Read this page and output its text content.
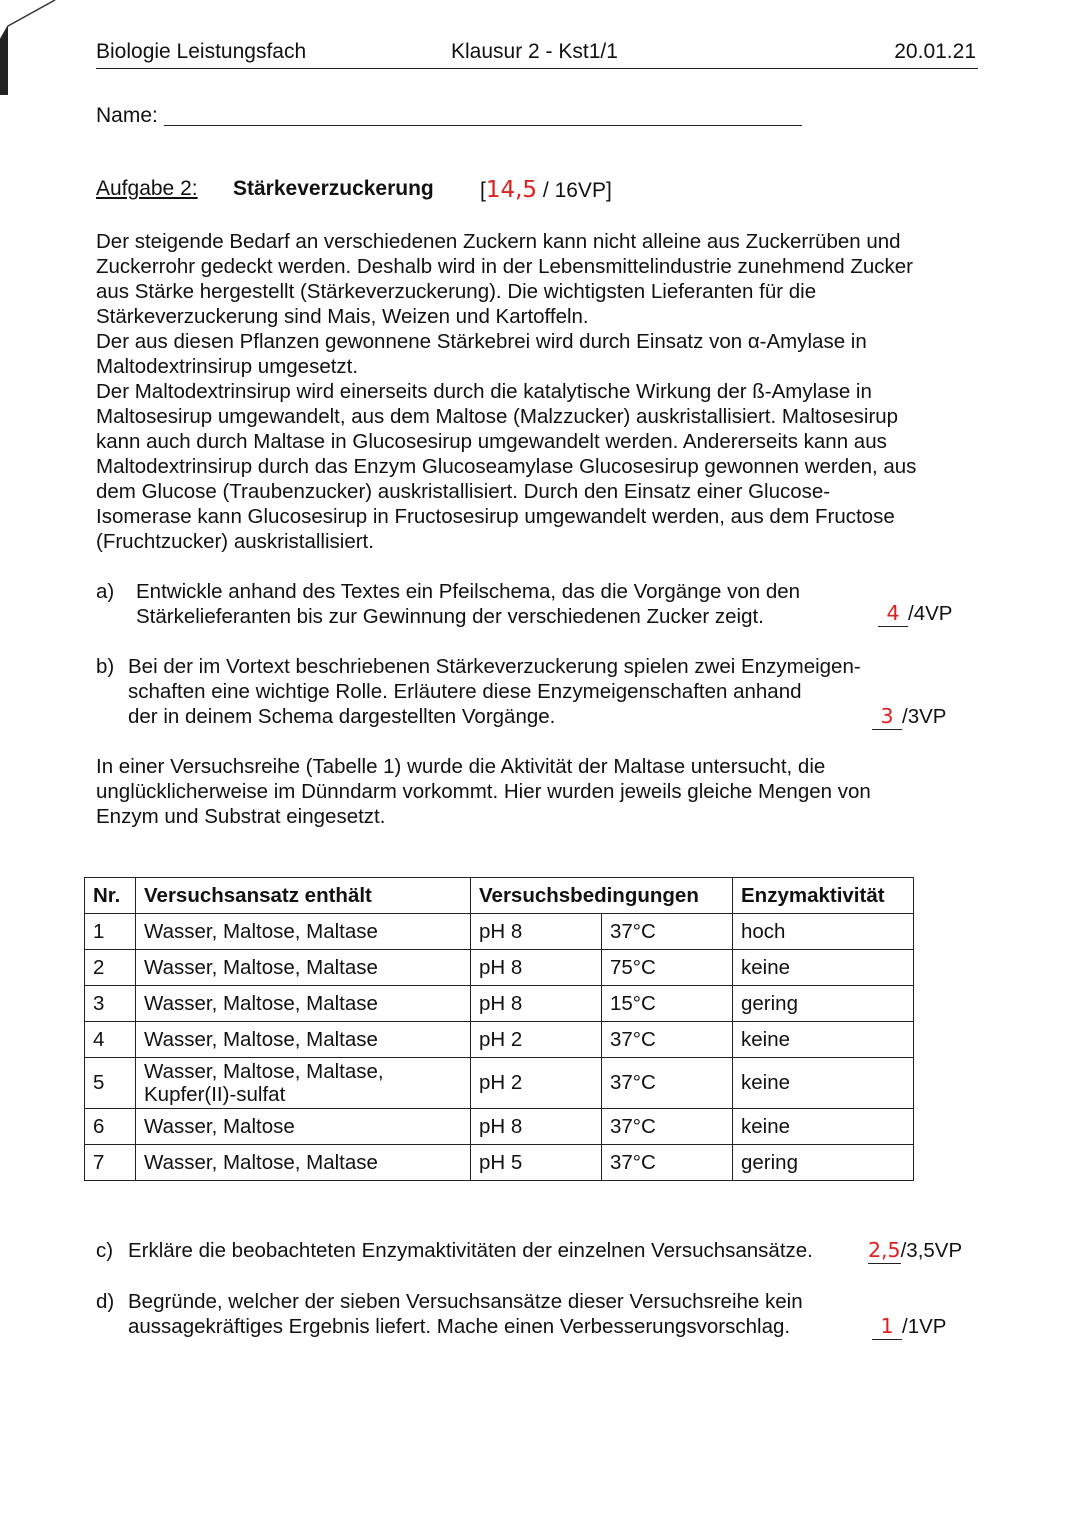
Biologie Leistungsfach	Klausur 2 - Kst1/1	20.01.21
Name:
Aufgabe 2: Stärkeverzuckerung [14,5 / 16VP]
Der steigende Bedarf an verschiedenen Zuckern kann nicht alleine aus Zuckerrüben und
Zuckerrohr gedeckt werden. Deshalb wird in der Lebensmittelindustrie zunehmend Zucker
aus Stärke hergestellt (Stärkeverzuckerung). Die wichtigsten Lieferanten für die
Stärkeverzuckerung sind Mais, Weizen und Kartoffeln.
Der aus diesen Pflanzen gewonnene Stärkebrei wird durch Einsatz von α-Amylase in
Maltodextrinsirup umgesetzt.
Der Maltodextrinsirup wird einerseits durch die katalytische Wirkung der ß-Amylase in
Maltosesirup umgewandelt, aus dem Maltose (Malzzucker) auskristallisiert. Maltosesirup
kann auch durch Maltase in Glucosesirup umgewandelt werden. Andererseits kann aus
Maltodextrinsirup durch das Enzym Glucoseamylase Glucosesirup gewonnen werden, aus
dem Glucose (Traubenzucker) auskristallisiert. Durch den Einsatz einer Glucose-
Isomerase kann Glucosesirup in Fructosesirup umgewandelt werden, aus dem Fructose
(Fruchtzucker) auskristallisiert.
a) Entwickle anhand des Textes ein Pfeilschema, das die Vorgänge von den
Stärkelieferanten bis zur Gewinnung der verschiedenen Zucker zeigt.	4 /4VP
b) Bei der im Vortext beschriebenen Stärkeverzuckerung spielen zwei Enzymeigen-
schaften eine wichtige Rolle. Erläutere diese Enzymeigenschaften anhand
der in deinem Schema dargestellten Vorgänge.	3 /3VP
In einer Versuchsreihe (Tabelle 1) wurde die Aktivität der Maltase untersucht, die
unglücklicherweise im Dünndarm vorkommt. Hier wurden jeweils gleiche Mengen von
Enzym und Substrat eingesetzt.
Nr.	Versuchsansatz enthält	Versuchsbedingungen		Enzymaktivität
1	Wasser, Maltose, Maltase	pH 8	37°C	hoch
2	Wasser, Maltose, Maltase	pH 8	75°C	keine
3	Wasser, Maltose, Maltase	pH 8	15°C	gering
4	Wasser, Maltose, Maltase	pH 2	37°C	keine
5	Wasser, Maltose, Maltase,
Kupfer(II)-sulfat	pH 2	37°C	keine
6	Wasser, Maltose	pH 8	37°C	keine
7	Wasser, Maltose, Maltase	pH 5	37°C	gering
c) Erkläre die beobachteten Enzymaktivitäten der einzelnen Versuchsansätze.	2,5/3,5VP
d) Begründe, welcher der sieben Versuchsansätze dieser Versuchsreihe kein
aussagekräftiges Ergebnis liefert. Mache einen Verbesserungsvorschlag.	1 /1VP
